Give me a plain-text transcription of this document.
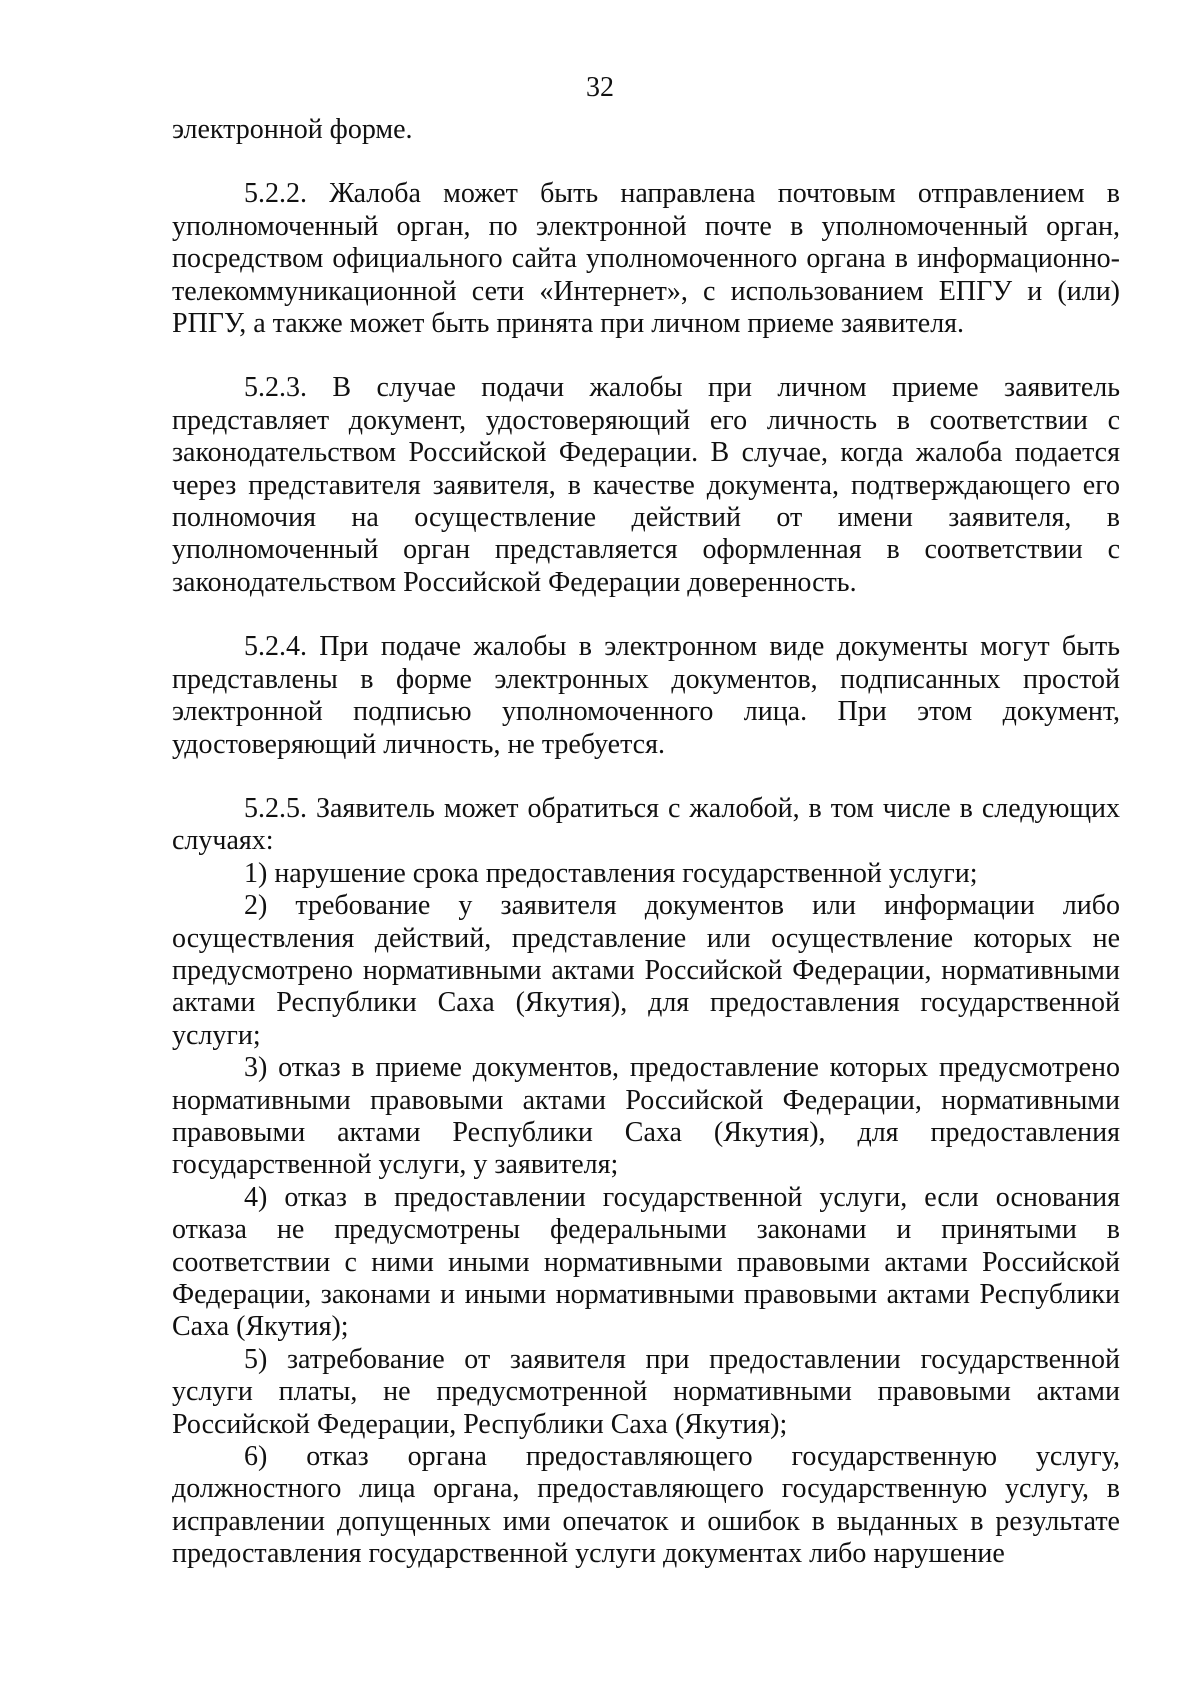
32

электронной форме.

5.2.2. Жалоба может быть направлена почтовым отправлением в уполномоченный орган, по электронной почте в уполномоченный орган, посредством официального сайта уполномоченного органа в информационно-телекоммуникационной сети «Интернет», с использованием ЕПГУ и (или) РПГУ, а также может быть принята при личном приеме заявителя.

5.2.3. В случае подачи жалобы при личном приеме заявитель представляет документ, удостоверяющий его личность в соответствии с законодательством Российской Федерации. В случае, когда жалоба подается через представителя заявителя, в качестве документа, подтверждающего его полномочия на осуществление действий от имени заявителя, в уполномоченный орган представляется оформленная в соответствии с законодательством Российской Федерации доверенность.

5.2.4. При подаче жалобы в электронном виде документы могут быть представлены в форме электронных документов, подписанных простой электронной подписью уполномоченного лица. При этом документ, удостоверяющий личность, не требуется.

5.2.5. Заявитель может обратиться с жалобой, в том числе в следующих случаях:

1) нарушение срока предоставления государственной услуги;

2) требование у заявителя документов или информации либо осуществления действий, представление или осуществление которых не предусмотрено нормативными актами Российской Федерации, нормативными актами Республики Саха (Якутия), для предоставления государственной услуги;

3) отказ в приеме документов, предоставление которых предусмотрено нормативными правовыми актами Российской Федерации, нормативными правовыми актами Республики Саха (Якутия), для предоставления государственной услуги, у заявителя;

4) отказ в предоставлении государственной услуги, если основания отказа не предусмотрены федеральными законами и принятыми в соответствии с ними иными нормативными правовыми актами Российской Федерации, законами и иными нормативными правовыми актами Республики Саха (Якутия);

5) затребование от заявителя при предоставлении государственной услуги платы, не предусмотренной нормативными правовыми актами Российской Федерации, Республики Саха (Якутия);

6) отказ органа предоставляющего государственную услугу, должностного лица органа, предоставляющего государственную услугу, в исправлении допущенных ими опечаток и ошибок в выданных в результате предоставления государственной услуги документах либо нарушение
